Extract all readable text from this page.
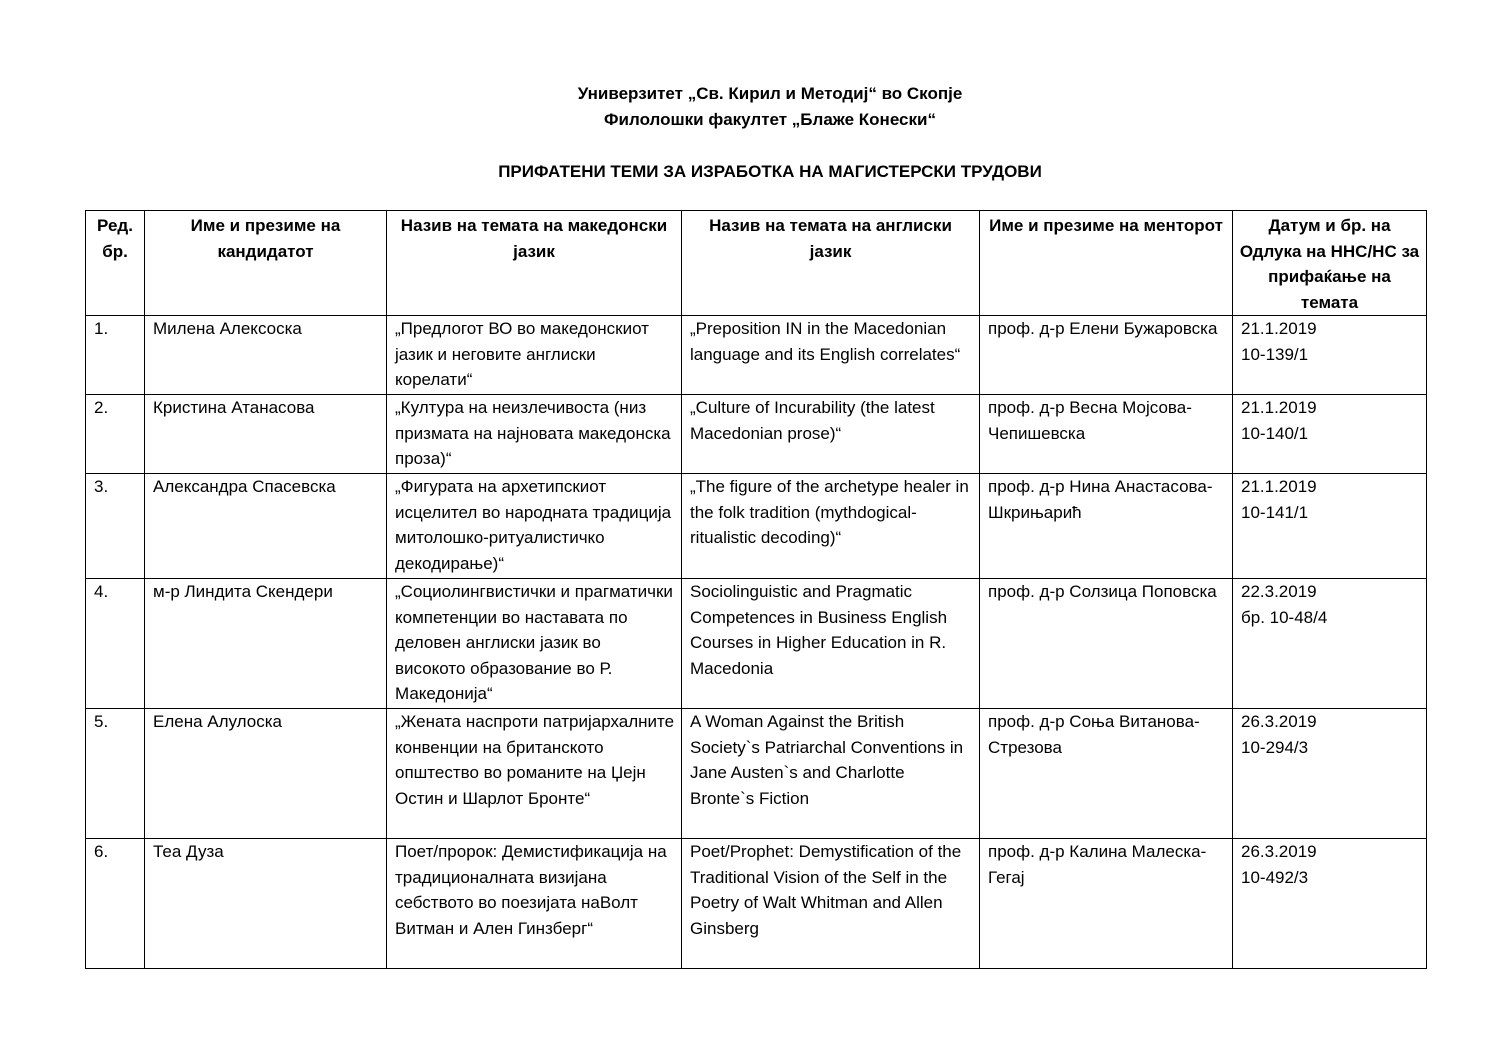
Универзитет „Св. Кирил и Методиј“ во Скопје
Филолошки факултет „Блаже Конески“
ПРИФАТЕНИ ТЕМИ ЗА ИЗРАБОТКА НА МАГИСТЕРСКИ ТРУДОВИ
Ред. бр.	Име и презиме на кандидатот	Назив на темата на македонски јазик	Назив на темата на англиски јазик	Име и презиме на менторот	Датум и бр. на Одлука на ННС/НС за прифаќање на темата
1.	Милена Алексоска	„Предлогот ВО во македонскиот јазик и неговите англиски корелати“	„Preposition IN in the Macedonian language and its English correlates“	проф. д-р Елени Бужаровска	21.1.2019
10-139/1

2.	Кристина Атанасова	„Култура на неизлечивоста (низ призмата на најновата македонска проза)“	„Culture of Incurability (the latest Macedonian prose)“	проф. д-р Весна Мојсова-Чепишевска	21.1.2019
10-140/1

3.	Александра Спасевска	„Фигурата на архетипскиот исцелител во народната традиција митолошко-ритуалистичко декодирање)“	„The figure of the archetype healer in the folk tradition (mythdogical-ritualistic decoding)“	проф. д-р Нина Анастасова-Шкрињарић	21.1.2019
10-141/1

4.	м-р Линдита Скендери	„Социолингвистички и прагматички компетенции во наставата по деловен англиски јазик во високото образование во Р. Македонија“	Sociolinguistic and Pragmatic Competences in Business English Courses in Higher Education in R. Macedonia	проф. д-р Солзица Поповска	22.3.2019
бр. 10-48/4

5.	Елена Алулоска	„Жената наспроти патријархалните конвенции на британското општество во романите на Џејн Остин и Шарлот Бронте“	A Woman Against the British Society`s Patriarchal Conventions in Jane Austen`s and Charlotte Bronte`s Fiction	проф. д-р Соња Витанова-Стрезова	26.3.2019
10-294/3

6.	Теа Дуза	Поет/пророк: Демистификација на традиционалната визијана себството во поезијата наВолт Витман и Ален Гинзберг“	Poet/Prophet: Demystification of the Traditional Vision of the Self in the Poetry of Walt Whitman and Allen Ginsberg	проф. д-р Калина Малеска-Гегај	26.3.2019
10-492/3
